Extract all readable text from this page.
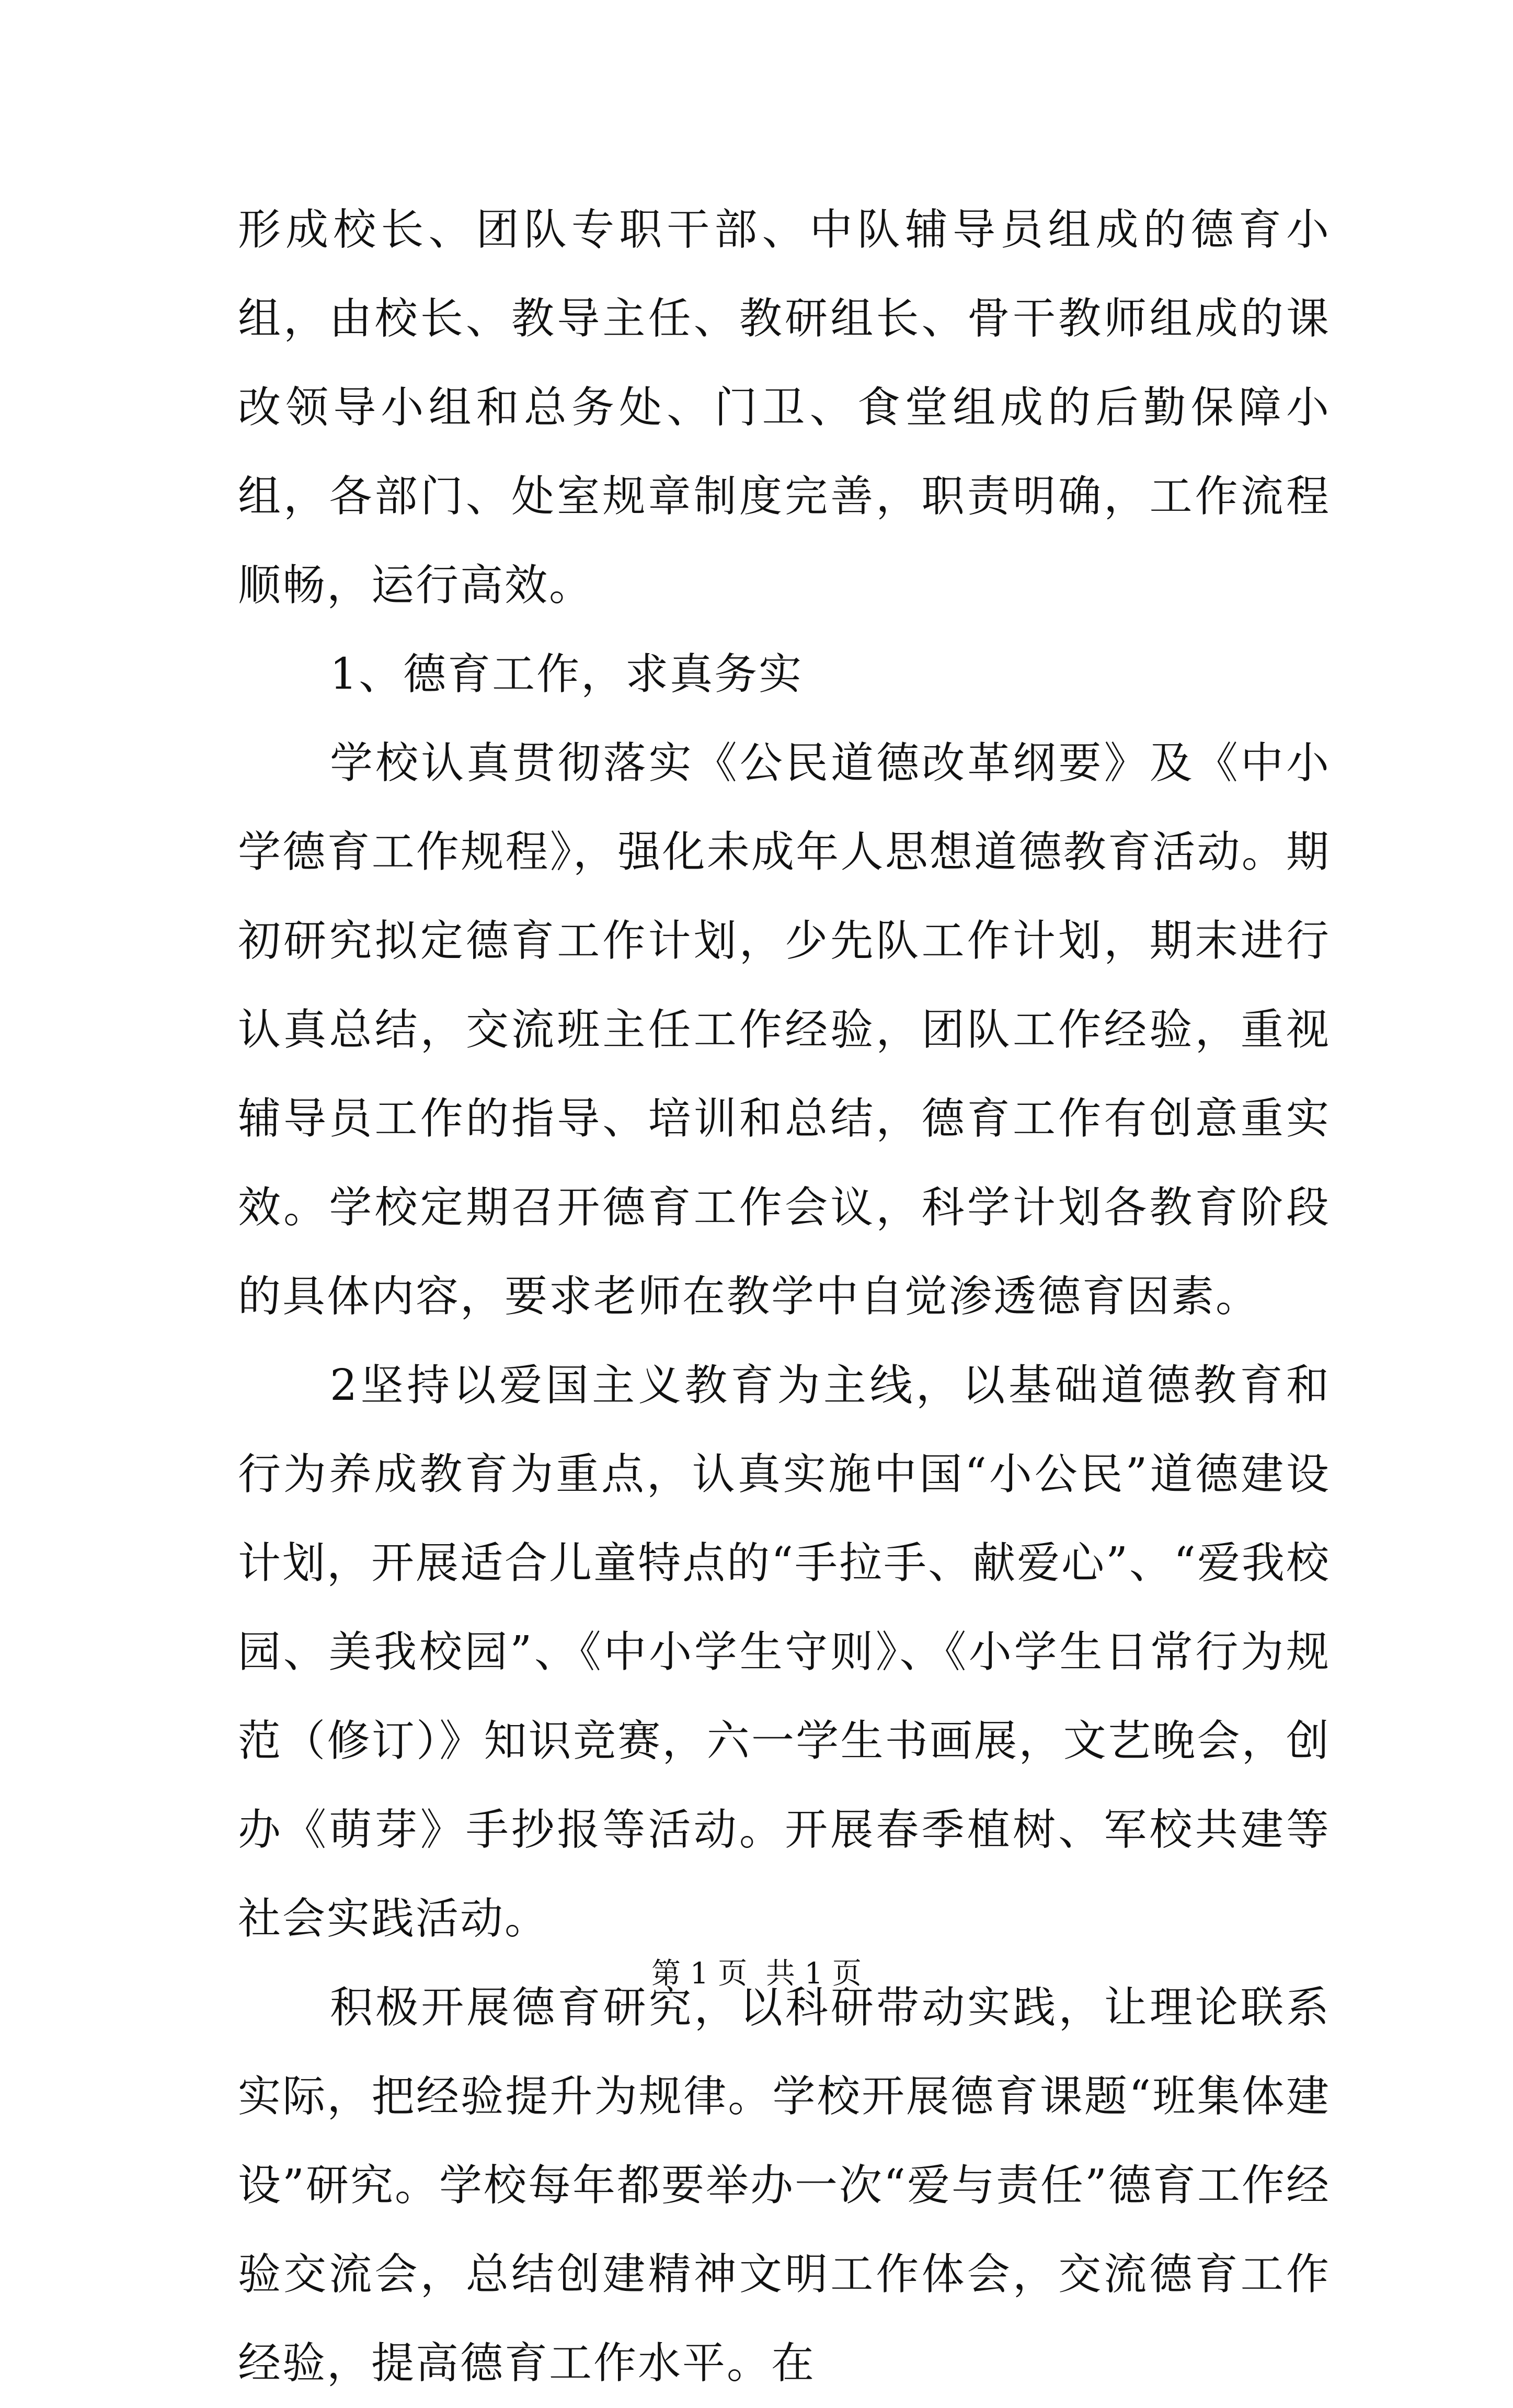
形成校长、团队专职干部、中队辅导员组成的德育小组，由校长、教导主任、教研组长、骨干教师组成的课改领导小组和总务处、门卫、食堂组成的后勤保障小组，各部门、处室规章制度完善，职责明确，工作流程顺畅，运行高效。

1、德育工作，求真务实

学校认真贯彻落实《公民道德改革纲要》及《中小学德育工作规程》，强化未成年人思想道德教育活动。期初研究拟定德育工作计划，少先队工作计划，期末进行认真总结，交流班主任工作经验，团队工作经验，重视辅导员工作的指导、培训和总结，德育工作有创意重实效。学校定期召开德育工作会议，科学计划各教育阶段的具体内容，要求老师在教学中自觉渗透德育因素。

2坚持以爱国主义教育为主线，以基础道德教育和行为养成教育为重点，认真实施中国“小公民”道德建设计划，开展适合儿童特点的“手拉手、献爱心”、“爱我校园、美我校园”、《中小学生守则》、《小学生日常行为规范（修订）》知识竞赛，六一学生书画展，文艺晚会，创办《萌芽》手抄报等活动。开展春季植树、军校共建等社会实践活动。

积极开展德育研究，以科研带动实践，让理论联系实际，把经验提升为规律。学校开展德育课题“班集体建设”研究。学校每年都要举办一次“爱与责任”德育工作经验交流会，总结创建精神文明工作体会，交流德育工作经验，提高德育工作水平。在

第 1 页  共 1 页
